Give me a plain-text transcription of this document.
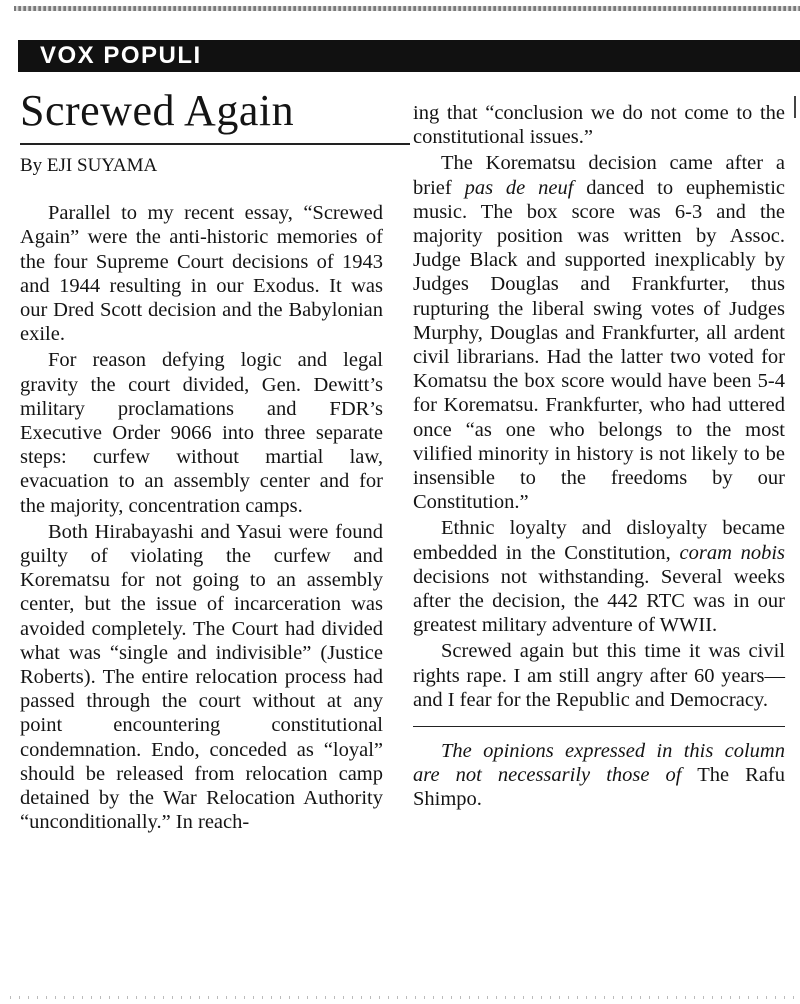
VOX POPULI
Screwed Again

By EJI SUYAMA

Parallel to my recent essay, “Screwed Again” were the anti-historic memories of the four Supreme Court decisions of 1943 and 1944 resulting in our Exodus. It was our Dred Scott decision and the Babylonian exile.

For reason defying logic and legal gravity the court divided, Gen. Dewitt’s military proclamations and FDR’s Executive Order 9066 into three separate steps: curfew without martial law, evacuation to an assembly center and for the majority, concentration camps.

Both Hirabayashi and Yasui were found guilty of violating the curfew and Korematsu for not going to an assembly center, but the issue of incarceration was avoided completely. The Court had divided what was “single and indivisible” (Justice Roberts). The entire relocation process had passed through the court without at any point encountering constitutional condemnation. Endo, conceded as “loyal” should be released from relocation camp detained by the War Relocation Authority “unconditionally.” In reach-

ing that “conclusion we do not come to the constitutional issues.”

The Korematsu decision came after a brief pas de neuf danced to euphemistic music. The box score was 6-3 and the majority position was written by Assoc. Judge Black and supported inexplicably by Judges Douglas and Frankfurter, thus rupturing the liberal swing votes of Judges Murphy, Douglas and Frankfurter, all ardent civil librarians. Had the latter two voted for Komatsu the box score would have been 5-4 for Korematsu. Frankfurter, who had uttered once “as one who belongs to the most vilified minority in history is not likely to be insensible to the freedoms by our Constitution.”

Ethnic loyalty and disloyalty became embedded in the Constitution, coram nobis decisions not withstanding. Several weeks after the decision, the 442 RTC was in our greatest military adventure of WWII.

Screwed again but this time it was civil rights rape. I am still angry after 60 years—and I fear for the Republic and Democracy.

The opinions expressed in this column are not necessarily those of The Rafu Shimpo.
